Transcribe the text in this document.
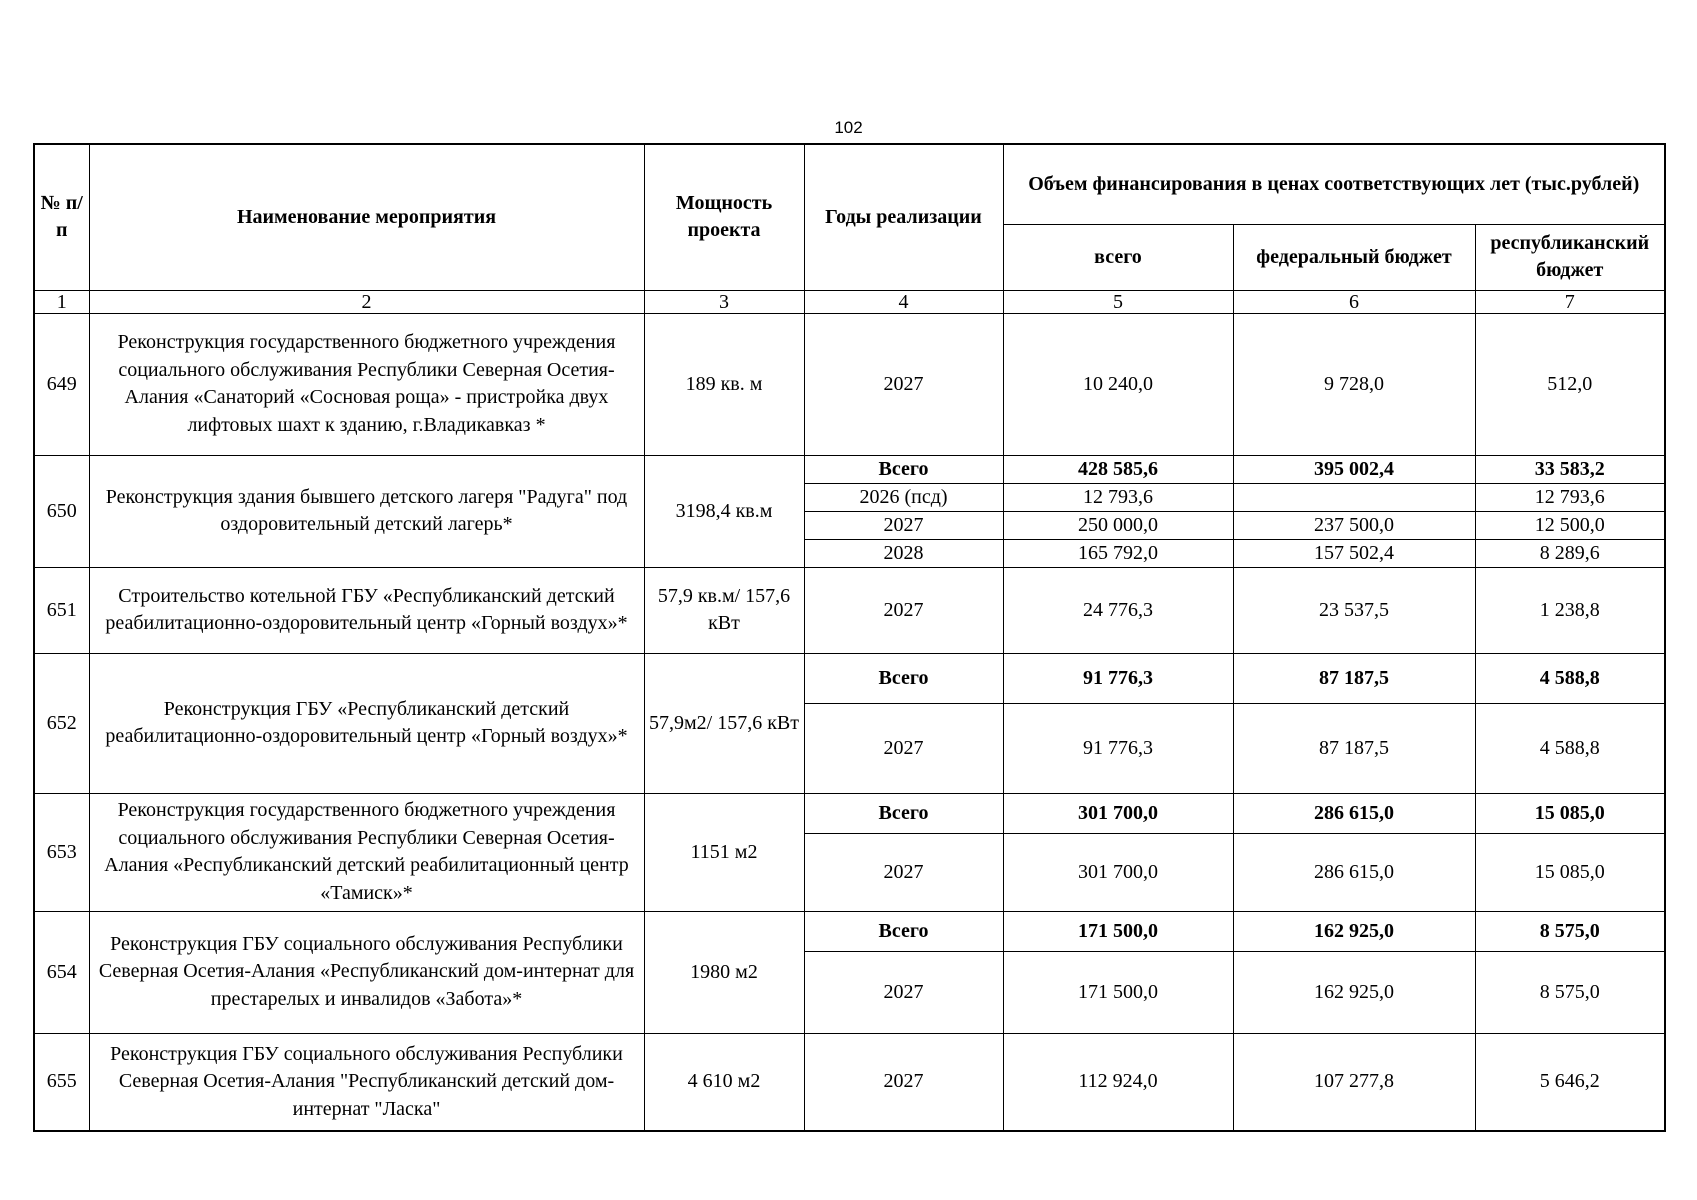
102
№ п/п	Наименование мероприятия	Мощность проекта	Годы реализации	Объем финансирования в ценах соответствующих лет (тыс.рублей)		
				всего	федеральный бюджет	республиканский бюджет
1	2	3	4	5	6	7
649	Реконструкция государственного бюджетного учреждения социального обслуживания Республики Северная Осетия-Алания «Санаторий «Сосновая роща» - пристройка двух лифтовых шахт к зданию, г.Владикавказ *	189 кв. м	2027	10 240,0	9 728,0	512,0
650	Реконструкция здания бывшего детского лагеря "Радуга" под оздоровительный детский лагерь*	3198,4 кв.м	Всего	428 585,6	395 002,4	33 583,2
			2026 (псд)	12 793,6		12 793,6
			2027	250 000,0	237 500,0	12 500,0
			2028	165 792,0	157 502,4	8 289,6
651	Строительство котельной ГБУ «Республиканский детский реабилитационно-оздоровительный центр «Горный воздух»*	57,9 кв.м/ 157,6 кВт	2027	24 776,3	23 537,5	1 238,8
652	Реконструкция ГБУ «Республиканский детский реабилитационно-оздоровительный центр «Горный воздух»*	57,9м2/ 157,6 кВт	Всего	91 776,3	87 187,5	4 588,8
			2027	91 776,3	87 187,5	4 588,8
653	Реконструкция государственного бюджетного учреждения социального обслуживания Республики Северная Осетия-Алания «Республиканский детский реабилитационный центр «Тамиск»*	1151 м2	Всего	301 700,0	286 615,0	15 085,0
			2027	301 700,0	286 615,0	15 085,0
654	Реконструкция ГБУ социального обслуживания Республики Северная Осетия-Алания «Республиканский дом-интернат для престарелых и инвалидов «Забота»*	1980 м2	Всего	171 500,0	162 925,0	8 575,0
			2027	171 500,0	162 925,0	8 575,0
655	Реконструкция ГБУ социального обслуживания Республики Северная Осетия-Алания "Республиканский детский дом-интернат "Ласка"	4 610 м2	2027	112 924,0	107 277,8	5 646,2
